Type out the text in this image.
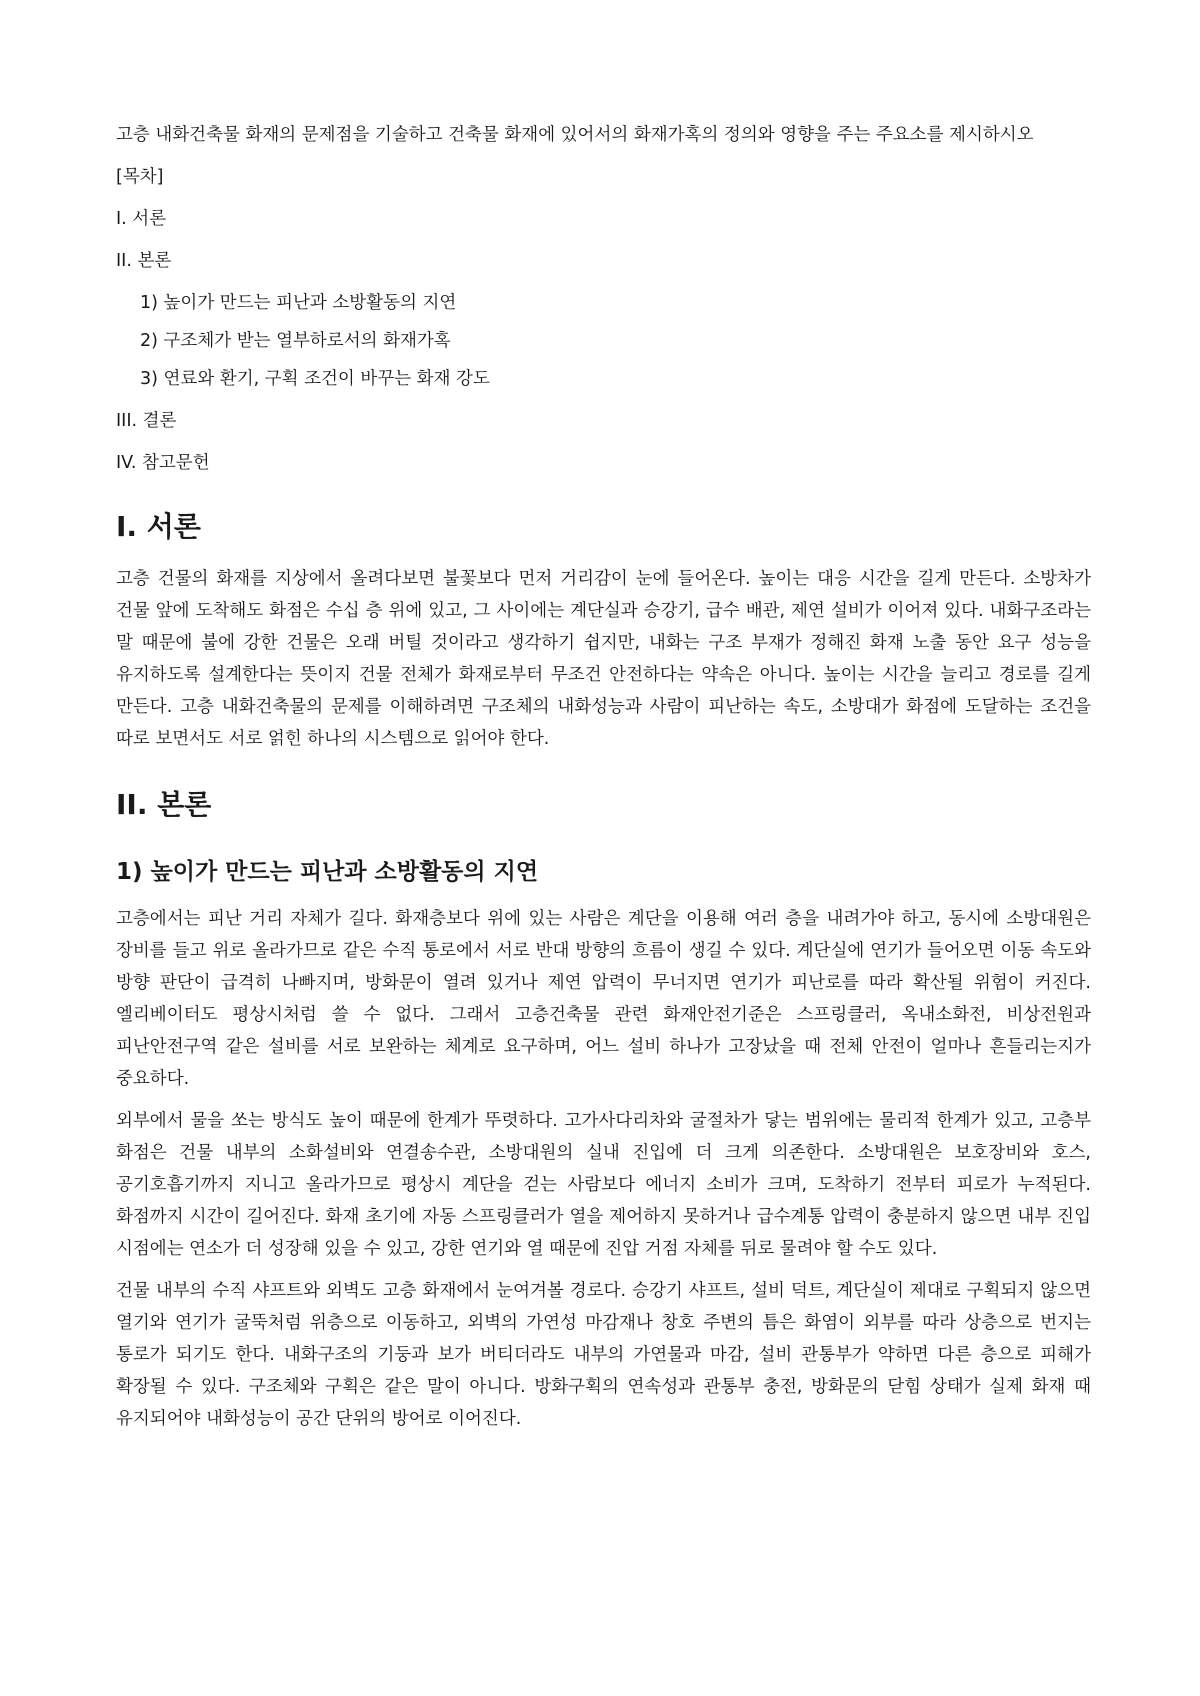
고층 내화건축물 화재의 문제점을 기술하고 건축물 화재에 있어서의 화재가혹의 정의와 영향을 주는 주요소를 제시하시오

[목차]
I. 서론
II. 본론
1) 높이가 만드는 피난과 소방활동의 지연
2) 구조체가 받는 열부하로서의 화재가혹
3) 연료와 환기, 구획 조건이 바꾸는 화재 강도
III. 결론
IV. 참고문헌
I. 서론

고층 건물의 화재를 지상에서 올려다보면 불꽃보다 먼저 거리감이 눈에 들어온다. 높이는 대응 시간을 길게 만든다. 소방차가 건물 앞에 도착해도 화점은 수십 층 위에 있고, 그 사이에는 계단실과 승강기, 급수 배관, 제연 설비가 이어져 있다. 내화구조라는 말 때문에 불에 강한 건물은 오래 버틸 것이라고 생각하기 쉽지만, 내화는 구조 부재가 정해진 화재 노출 동안 요구 성능을 유지하도록 설계한다는 뜻이지 건물 전체가 화재로부터 무조건 안전하다는 약속은 아니다. 높이는 시간을 늘리고 경로를 길게 만든다. 고층 내화건축물의 문제를 이해하려면 구조체의 내화성능과 사람이 피난하는 속도, 소방대가 화점에 도달하는 조건을 따로 보면서도 서로 얽힌 하나의 시스템으로 읽어야 한다.

II. 본론
1) 높이가 만드는 피난과 소방활동의 지연

고층에서는 피난 거리 자체가 길다. 화재층보다 위에 있는 사람은 계단을 이용해 여러 층을 내려가야 하고, 동시에 소방대원은 장비를 들고 위로 올라가므로 같은 수직 통로에서 서로 반대 방향의 흐름이 생길 수 있다. 계단실에 연기가 들어오면 이동 속도와 방향 판단이 급격히 나빠지며, 방화문이 열려 있거나 제연 압력이 무너지면 연기가 피난로를 따라 확산될 위험이 커진다. 엘리베이터도 평상시처럼 쓸 수 없다. 그래서 고층건축물 관련 화재안전기준은 스프링클러, 옥내소화전, 비상전원과 피난안전구역 같은 설비를 서로 보완하는 체계로 요구하며, 어느 설비 하나가 고장났을 때 전체 안전이 얼마나 흔들리는지가 중요하다.

외부에서 물을 쏘는 방식도 높이 때문에 한계가 뚜렷하다. 고가사다리차와 굴절차가 닿는 범위에는 물리적 한계가 있고, 고층부 화점은 건물 내부의 소화설비와 연결송수관, 소방대원의 실내 진입에 더 크게 의존한다. 소방대원은 보호장비와 호스, 공기호흡기까지 지니고 올라가므로 평상시 계단을 걷는 사람보다 에너지 소비가 크며, 도착하기 전부터 피로가 누적된다. 화점까지 시간이 길어진다. 화재 초기에 자동 스프링클러가 열을 제어하지 못하거나 급수계통 압력이 충분하지 않으면 내부 진입 시점에는 연소가 더 성장해 있을 수 있고, 강한 연기와 열 때문에 진압 거점 자체를 뒤로 물려야 할 수도 있다.

건물 내부의 수직 샤프트와 외벽도 고층 화재에서 눈여겨볼 경로다. 승강기 샤프트, 설비 덕트, 계단실이 제대로 구획되지 않으면 열기와 연기가 굴뚝처럼 위층으로 이동하고, 외벽의 가연성 마감재나 창호 주변의 틈은 화염이 외부를 따라 상층으로 번지는 통로가 되기도 한다. 내화구조의 기둥과 보가 버티더라도 내부의 가연물과 마감, 설비 관통부가 약하면 다른 층으로 피해가 확장될 수 있다. 구조체와 구획은 같은 말이 아니다. 방화구획의 연속성과 관통부 충전, 방화문의 닫힘 상태가 실제 화재 때 유지되어야 내화성능이 공간 단위의 방어로 이어진다.
